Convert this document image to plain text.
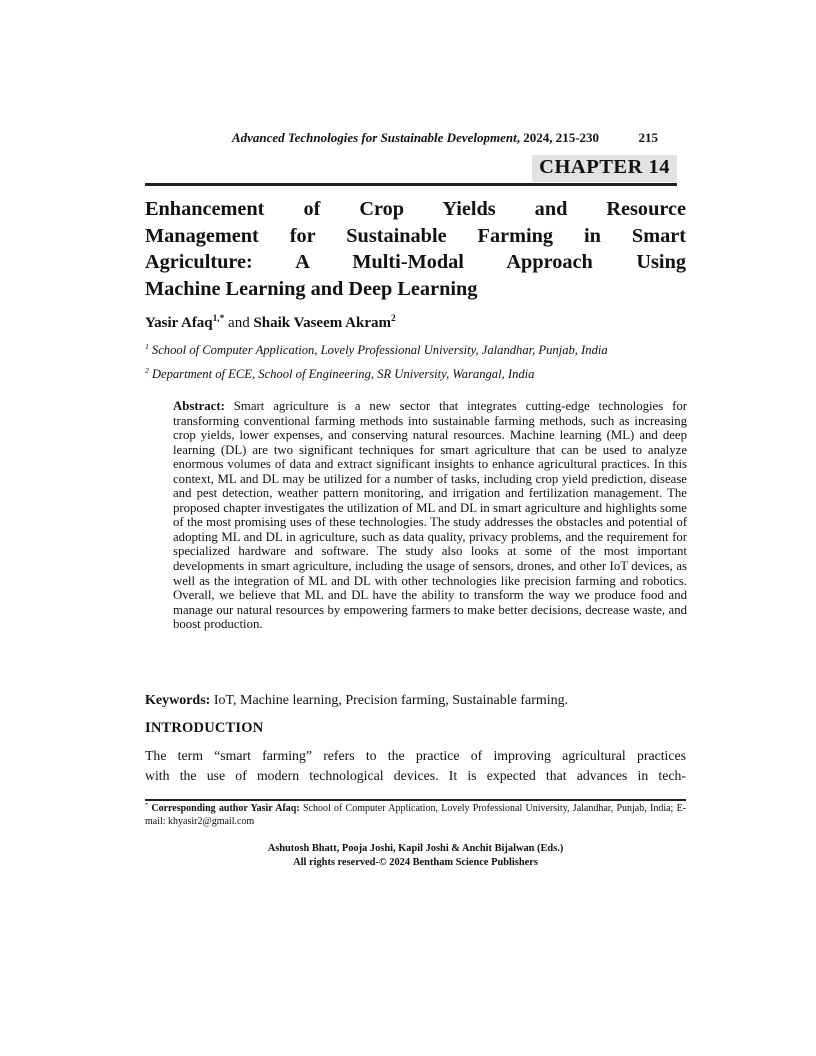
Advanced Technologies for Sustainable Development, 2024, 215-230	215
CHAPTER 14
Enhancement of Crop Yields and Resource
Management for Sustainable Farming in Smart
Agriculture: A Multi-Modal Approach Using
Machine Learning and Deep Learning
Yasir Afaq$^{1,*}$ and Shaik Vaseem Akram$^2$
$^1$ School of Computer Application, Lovely Professional University, Jalandhar, Punjab, India
$^2$ Department of ECE, School of Engineering, SR University, Warangal, India

Abstract: Smart agriculture is a new sector that integrates cutting-edge technologies for transforming conventional farming methods into sustainable farming methods, such as increasing crop yields, lower expenses, and conserving natural resources. Machine learning (ML) and deep learning (DL) are two significant techniques for smart agriculture that can be used to analyze enormous volumes of data and extract significant insights to enhance agricultural practices. In this context, ML and DL may be utilized for a number of tasks, including crop yield prediction, disease and pest detection, weather pattern monitoring, and irrigation and fertilization management. The proposed chapter investigates the utilization of ML and DL in smart agriculture and highlights some of the most promising uses of these technologies. The study addresses the obstacles and potential of adopting ML and DL in agriculture, such as data quality, privacy problems, and the requirement for specialized hardware and software. The study also looks at some of the most important developments in smart agriculture, including the usage of sensors, drones, and other IoT devices, as well as the integration of ML and DL with other technologies like precision farming and robotics. Overall, we believe that ML and DL have the ability to transform the way we produce food and manage our natural resources by empowering farmers to make better decisions, decrease waste, and boost production.

Keywords: IoT, Machine learning, Precision farming, Sustainable farming.

INTRODUCTION
The term “smart farming” refers to the practice of improving agricultural practices
with the use of modern technological devices. It is expected that advances in tech-
* Corresponding author Yasir Afaq: School of Computer Application, Lovely Professional University, Jalandhar, Punjab, India; E-mail: khyasir2@gmail.com
Ashutosh Bhatt, Pooja Joshi, Kapil Joshi & Anchit Bijalwan (Eds.)
All rights reserved-© 2024 Bentham Science Publishers
